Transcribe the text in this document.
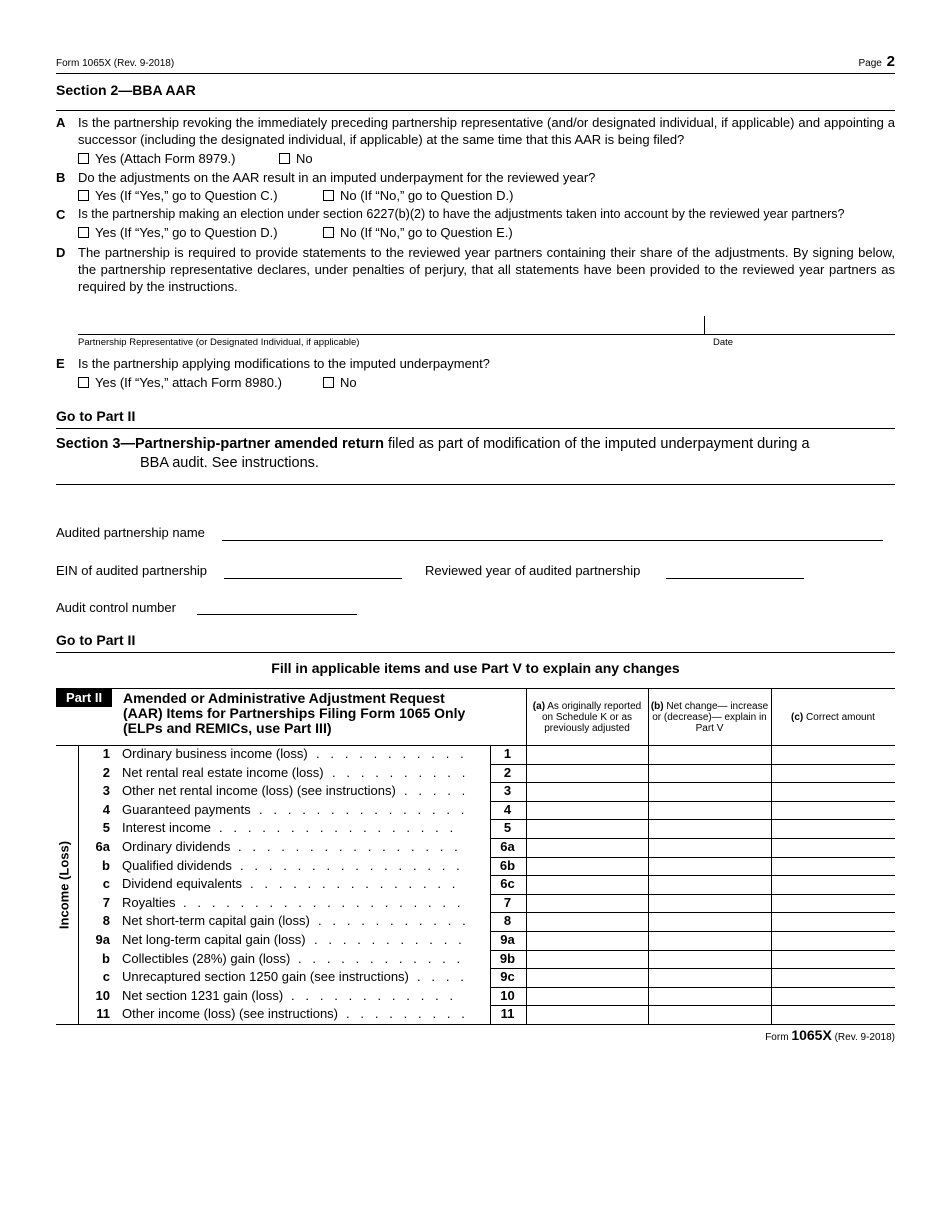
Form 1065X (Rev. 9-2018)	Page 2
Section 2—BBA AAR
A Is the partnership revoking the immediately preceding partnership representative (and/or designated individual, if applicable) and appointing a successor (including the designated individual, if applicable) at the same time that this AAR is being filed?
Yes (Attach Form 8979.)	No
B Do the adjustments on the AAR result in an imputed underpayment for the reviewed year?
Yes (If “Yes,” go to Question C.)	No (If “No,” go to Question D.)
C Is the partnership making an election under section 6227(b)(2) to have the adjustments taken into account by the reviewed year partners?
Yes (If “Yes,” go to Question D.)	No (If “No,” go to Question E.)
D The partnership is required to provide statements to the reviewed year partners containing their share of the adjustments. By signing below, the partnership representative declares, under penalties of perjury, that all statements have been provided to the reviewed year partners as required by the instructions.
Partnership Representative (or Designated Individual, if applicable)	Date
E Is the partnership applying modifications to the imputed underpayment?
Yes (If “Yes,” attach Form 8980.)	No
Go to Part II
Section 3—Partnership-partner amended return filed as part of modification of the imputed underpayment during a
BBA audit. See instructions.
Audited partnership name
EIN of audited partnership	Reviewed year of audited partnership
Audit control number
Go to Part II
Fill in applicable items and use Part V to explain any changes
Part II	Amended or Administrative Adjustment Request
(AAR) Items for Partnerships Filing Form 1065 Only
(ELPs and REMICs, use Part III)
(a) As originally reported on Schedule K or as previously adjusted
(b) Net change— increase or (decrease)— explain in Part V
(c) Correct amount
Income (Loss)
1 Ordinary business income (loss) ...........	1
2 Net rental real estate income (loss) ..........	2
3 Other net rental income (loss) (see instructions) .....	3
4 Guaranteed payments ...............	4
5 Interest income .................	5
6a Ordinary dividends ................	6a
b Qualified dividends ................	6b
c Dividend equivalents ...............	6c
7 Royalties ....................	7
8 Net short-term capital gain (loss) ...........	8
9a Net long-term capital gain (loss) ...........	9a
b Collectibles (28%) gain (loss) ............	9b
c Unrecaptured section 1250 gain (see instructions) ....	9c
10 Net section 1231 gain (loss) ............	10
11 Other income (loss) (see instructions) .........	11
Form 1065X (Rev. 9-2018)
